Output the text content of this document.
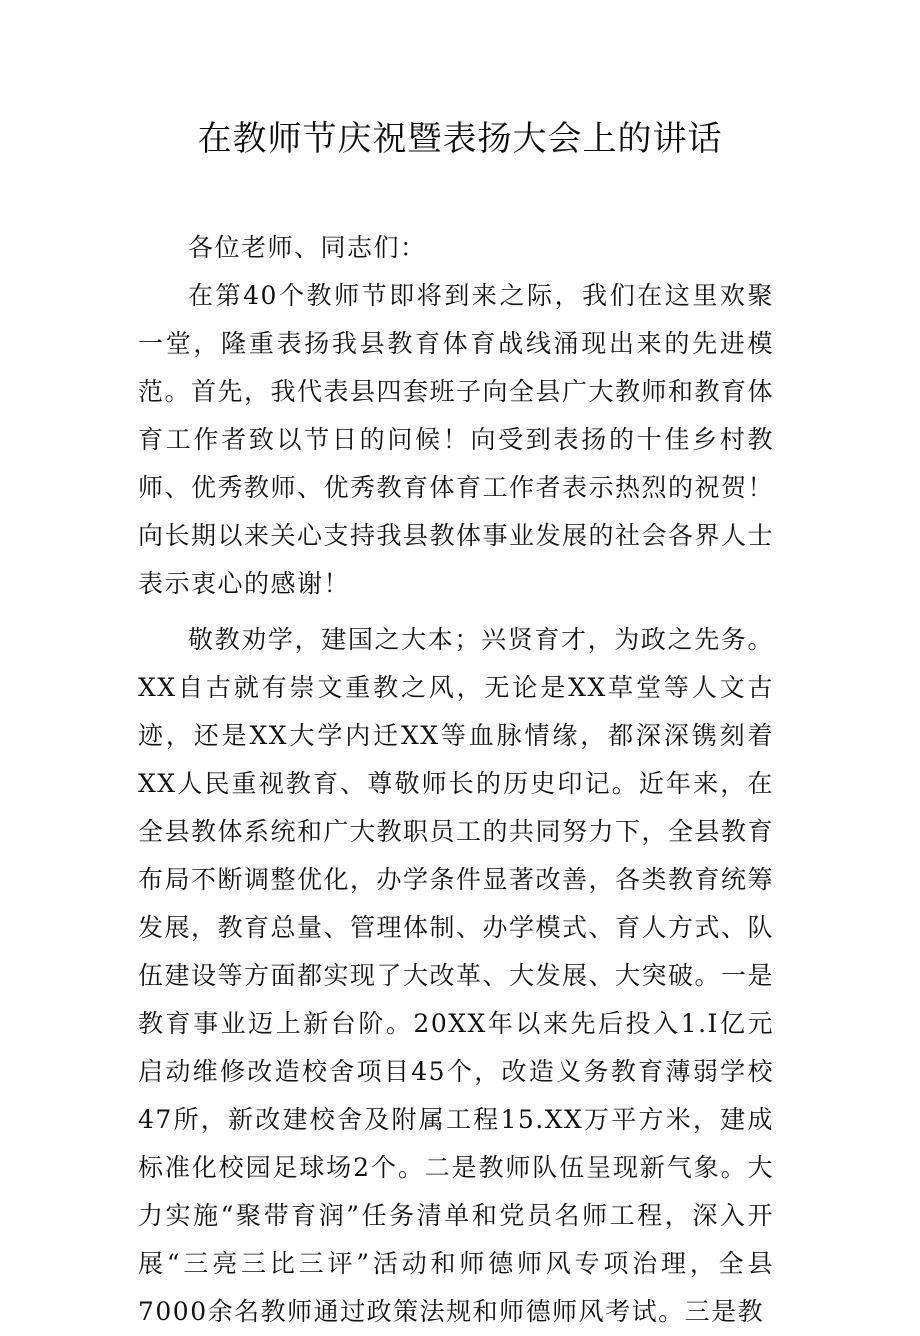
在教师节庆祝暨表扬大会上的讲话

各位老师、同志们：

在第40个教师节即将到来之际，我们在这里欢聚一堂，隆重表扬我县教育体育战线涌现出来的先进模范。首先，我代表县四套班子向全县广大教师和教育体育工作者致以节日的问候！向受到表扬的十佳乡村教师、优秀教师、优秀教育体育工作者表示热烈的祝贺！向长期以来关心支持我县教体事业发展的社会各界人士表示衷心的感谢！

敬教劝学，建国之大本；兴贤育才，为政之先务。XX自古就有崇文重教之风，无论是XX草堂等人文古迹，还是XX大学内迁XX等血脉情缘，都深深镌刻着XX人民重视教育、尊敬师长的历史印记。近年来，在全县教体系统和广大教职员工的共同努力下，全县教育布局不断调整优化，办学条件显著改善，各类教育统筹发展，教育总量、管理体制、办学模式、育人方式、队伍建设等方面都实现了大改革、大发展、大突破。一是教育事业迈上新台阶。20XX年以来先后投入1.I亿元启动维修改造校舍项目45个，改造义务教育薄弱学校47所，新改建校舍及附属工程15.XX万平方米，建成标准化校园足球场2个。二是教师队伍呈现新气象。大力实施“聚带育润”任务清单和党员名师工程，深入开展“三亮三比三评”活动和师德师风专项治理，全县7000余名教师通过政策法规和师德师风考试。三是教
